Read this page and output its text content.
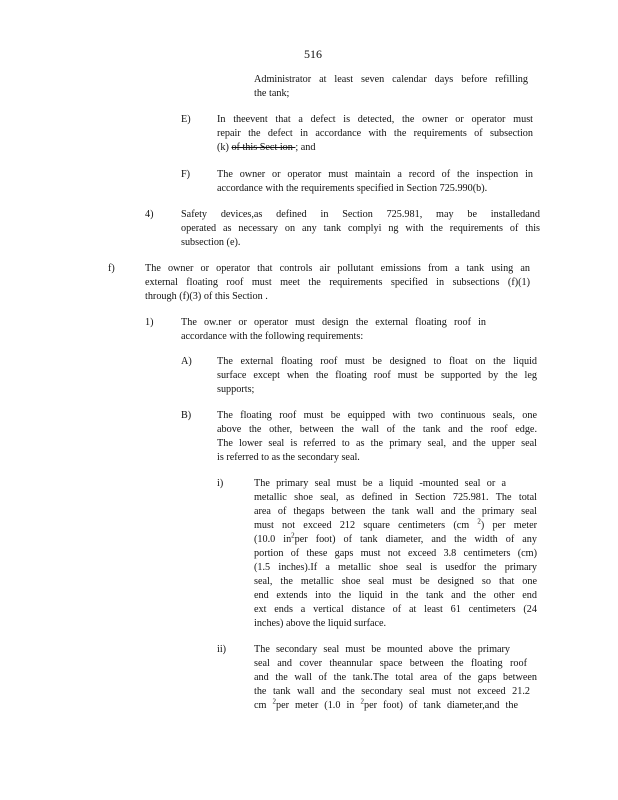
516
Administrator at least seven calendar days before refilling
the tank;
E)	In theevent that a defect is detected, the owner or operator must
repair the defect in accordance with the requirements of subsection
(k) of this Sect ion ; and
F)	The owner or operator must maintain a record of the inspection in
accordance with the requirements specified in Section 725.990(b).
4)	Safety devices,as defined in Section 725.981, may be installedand
operated as necessary on any tank complyi ng with the requirements of this
subsection (e).
f)	The owner or operator that controls air pollutant emissions from a tank using an
external floating roof must meet the requirements specified in subsections (f)(1)
through (f)(3) of this Section .
1)	The ow.ner or operator must design the external floating roof in
accordance with the following requirements:
A) The external floating roof must be designed to float on the liquid
surface except when the floating roof must be supported by the leg
supports;
B)	The floating roof must be equipped with two continuous seals, one
above the other, between the wall of the tank and the roof edge.
The lower seal is referred to as the primary seal, and the upper seal
is referred to as the secondary seal.
i)	The primary seal must be a liquid -mounted seal or a
metallic shoe seal, as defined in Section 725.981. The total
area of thegaps between the tank wall and the primary seal
must not exceed 212 square centimeters (cm $^2$) per meter
(10.0 $in^2per$ foot) of tank diameter, and the width of any
portion of these gaps must not exceed 3.8 centimeters (cm)
(1.5 inches).If a metallic shoe seal is usedfor the primary
seal, the metallic shoe seal must be designed so that one
end extends into the liquid in the tank and the other end
ext ends a vertical distance of at least 61 centimeters (24
inches) above the liquid surface.
ii)	The secondary seal must be mounted above the primary
seal and cover theannular space between the floating roof
and the wall of the tank.The total area of the gaps between
the tank wall and the secondary seal must not exceed 21.2
cm $^2$per meter (1.0 in $^2$per foot) of tank diameter,and the
